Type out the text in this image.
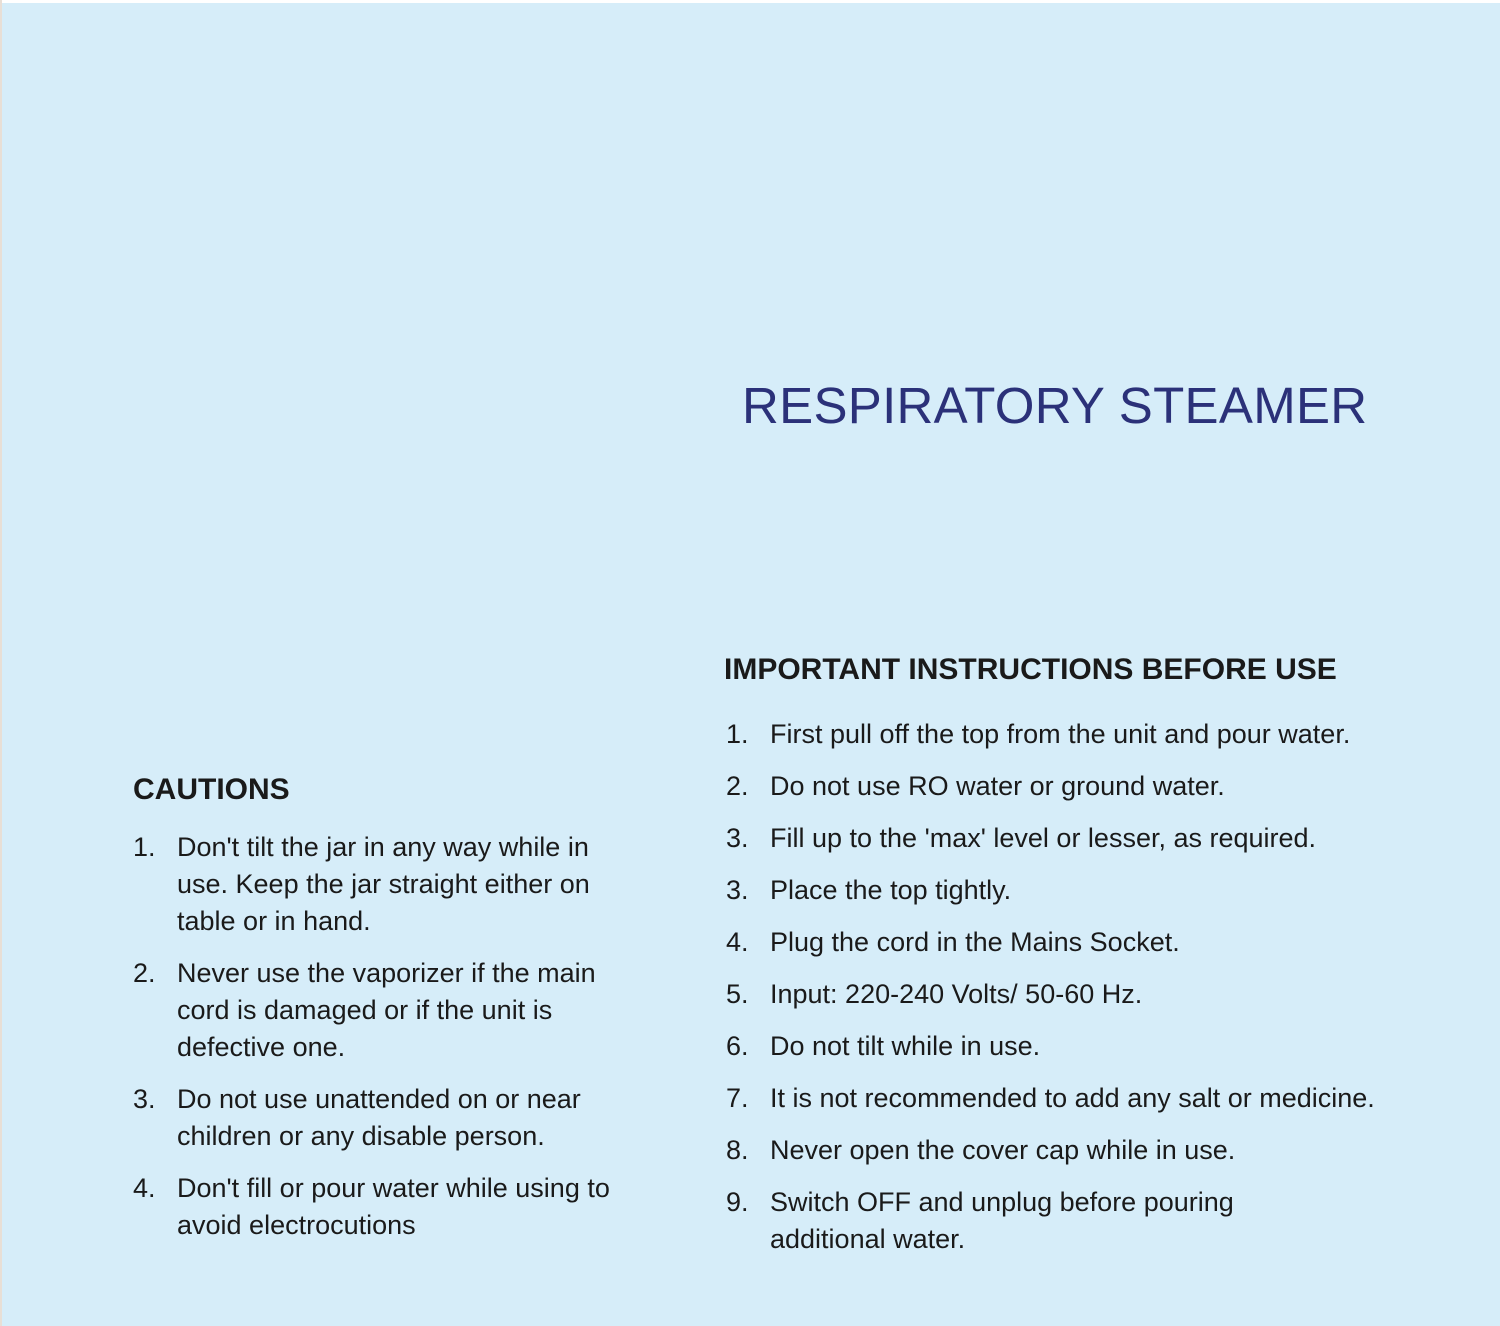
RESPIRATORY STEAMER
IMPORTANT INSTRUCTIONS BEFORE USE
1. First pull off the top from the unit and pour water.
2. Do not use RO water or ground water.
3. Fill up to the 'max' level or lesser, as required.
3. Place the top tightly.
4. Plug the cord in the Mains Socket.
5. Input: 220-240 Volts/ 50-60 Hz.
6. Do not tilt while in use.
7. It is not recommended to add any salt or medicine.
8. Never open the cover cap while in use.
9. Switch OFF and unplug before pouring additional water.
CAUTIONS
1. Don't tilt the jar in any way while in use. Keep the jar straight either on table or in hand.
2. Never use the vaporizer if the main cord is damaged or if the unit is defective one.
3. Do not use unattended on or near children or any disable person.
4. Don't fill or pour water while using to avoid electrocutions
